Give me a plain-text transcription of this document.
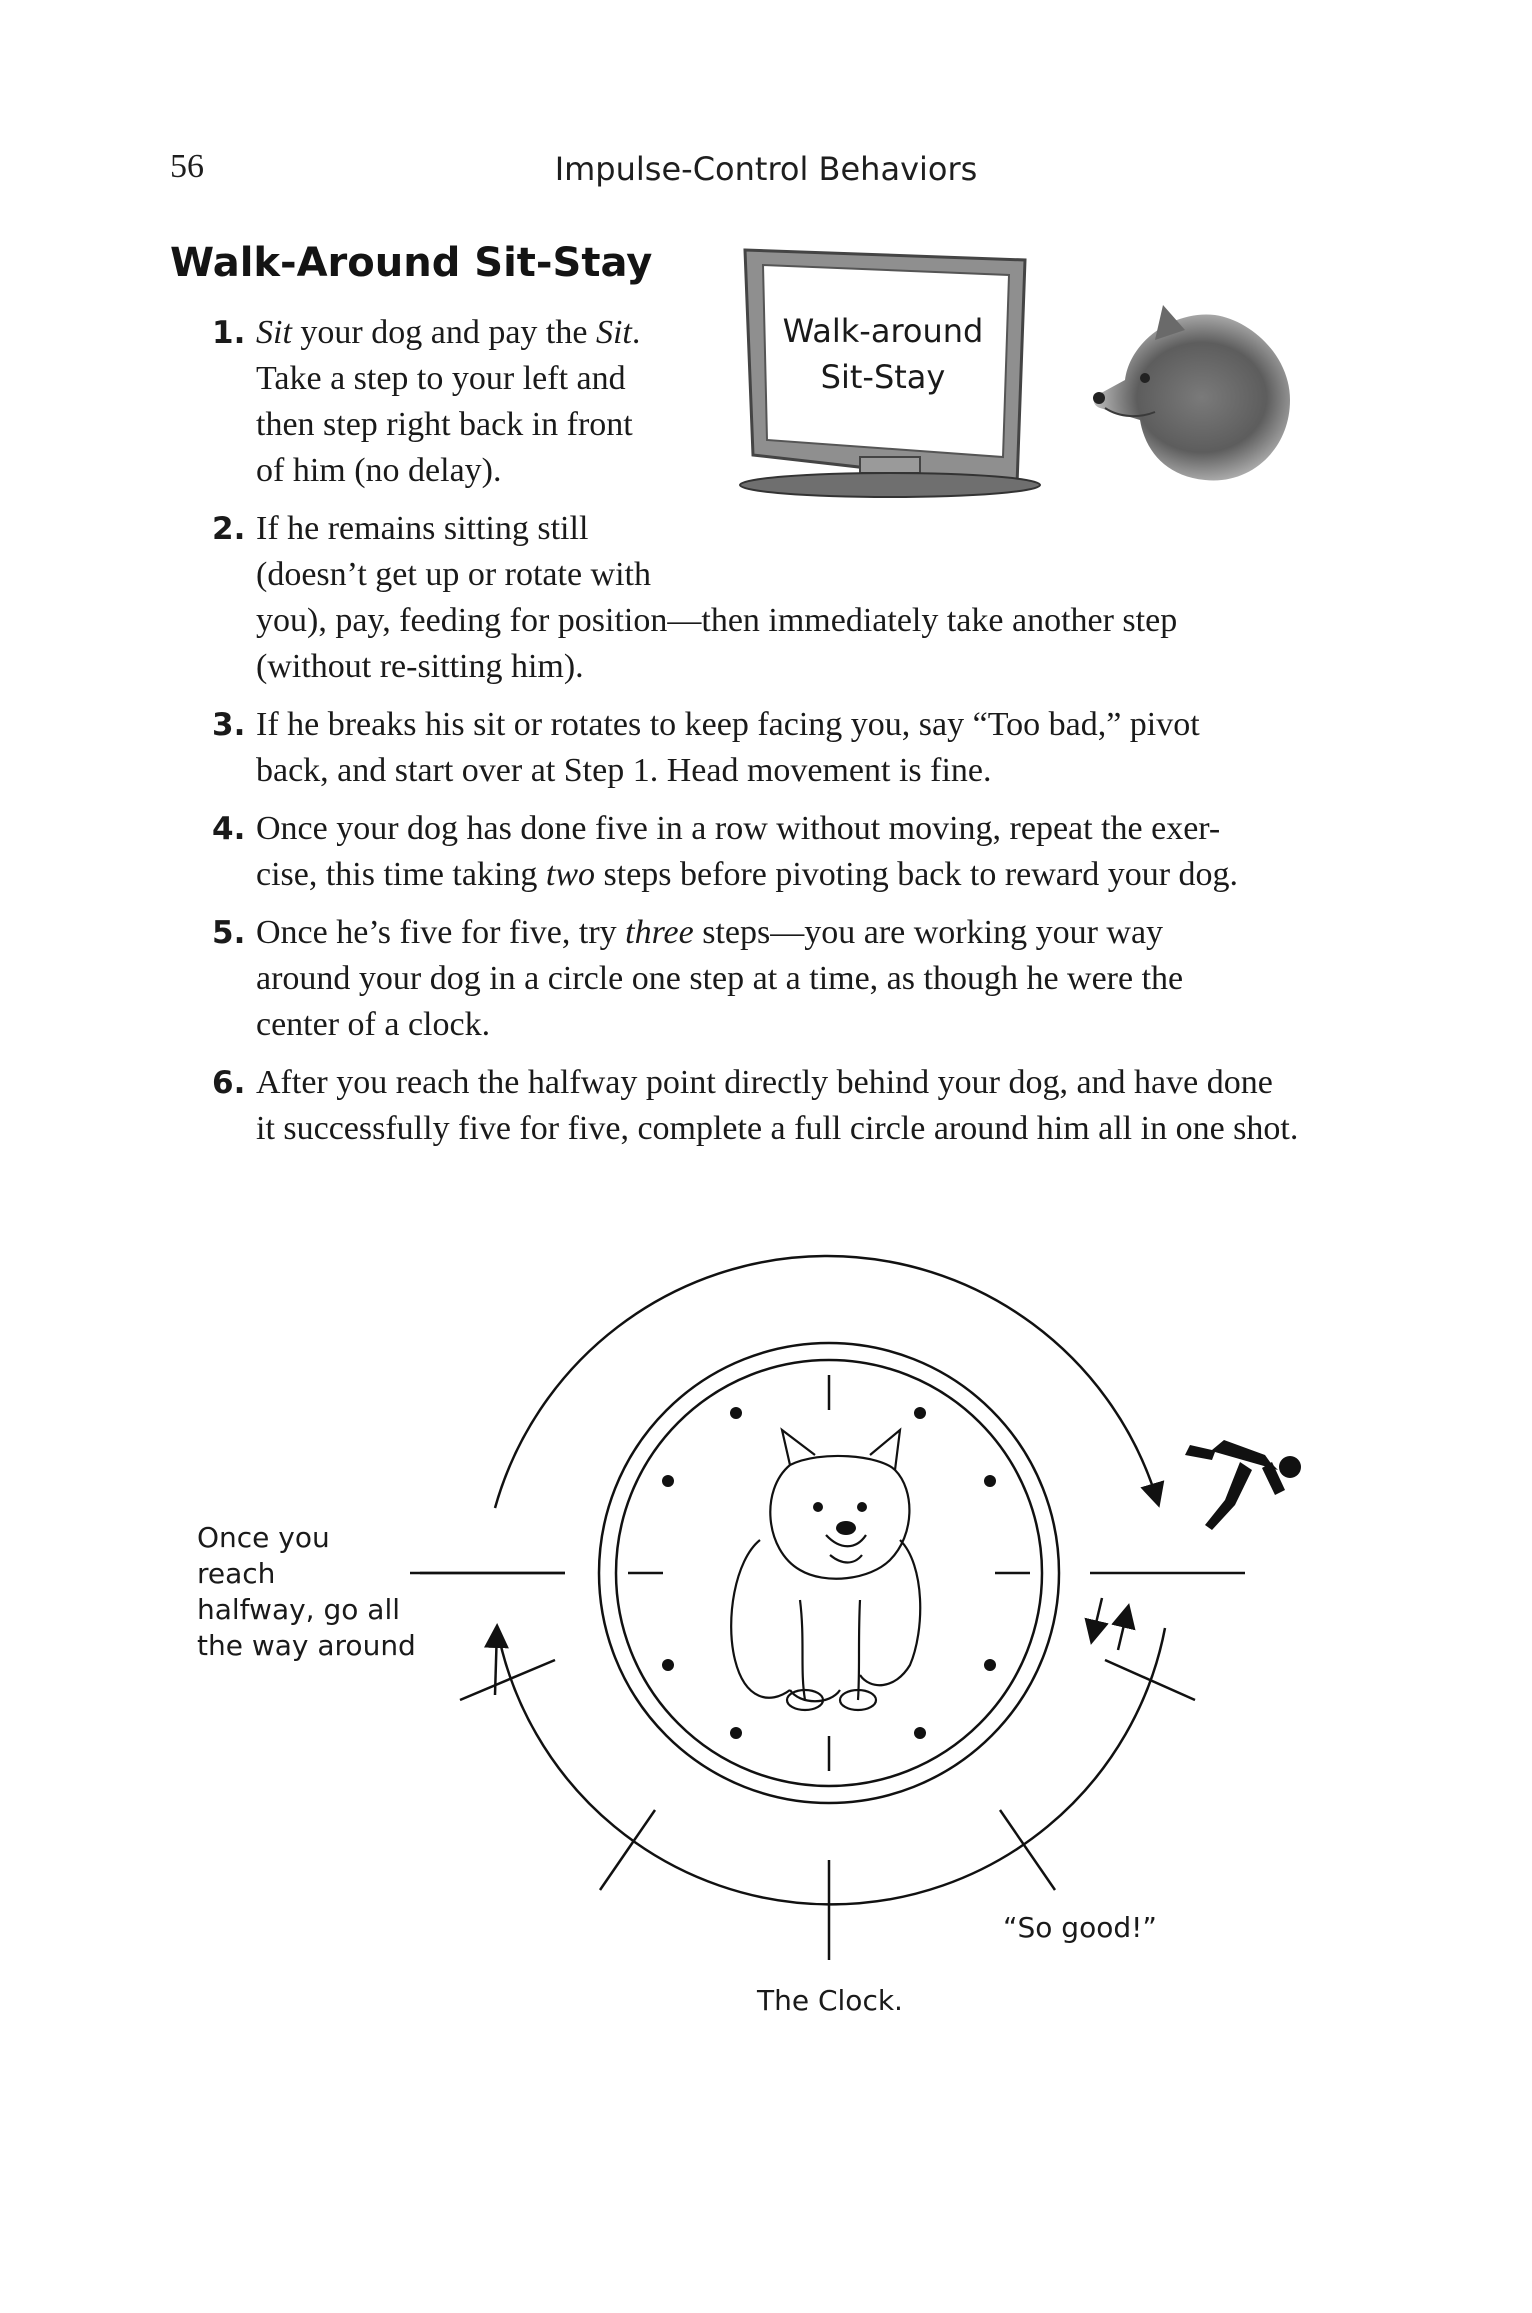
56	Impulse-Control Behaviors
Walk-Around Sit-Stay
Walk-around
Sit-Stay
1. Sit your dog and pay the Sit.
Take a step to your left and
then step right back in front
of him (no delay).
2. If he remains sitting still
(doesn’t get up or rotate with
you), pay, feeding for position—then immediately take another step
(without re-sitting him).
3. If he breaks his sit or rotates to keep facing you, say “Too bad,” pivot
back, and start over at Step 1. Head movement is fine.
4. Once your dog has done five in a row without moving, repeat the exer-
cise, this time taking two steps before pivoting back to reward your dog.
5. Once he’s five for five, try three steps—you are working your way
around your dog in a circle one step at a time, as though he were the
center of a clock.
6. After you reach the halfway point directly behind your dog, and have done
it successfully five for five, complete a full circle around him all in one shot.
Once you reach
halfway, go all
the way around
“So good!”
The Clock.
